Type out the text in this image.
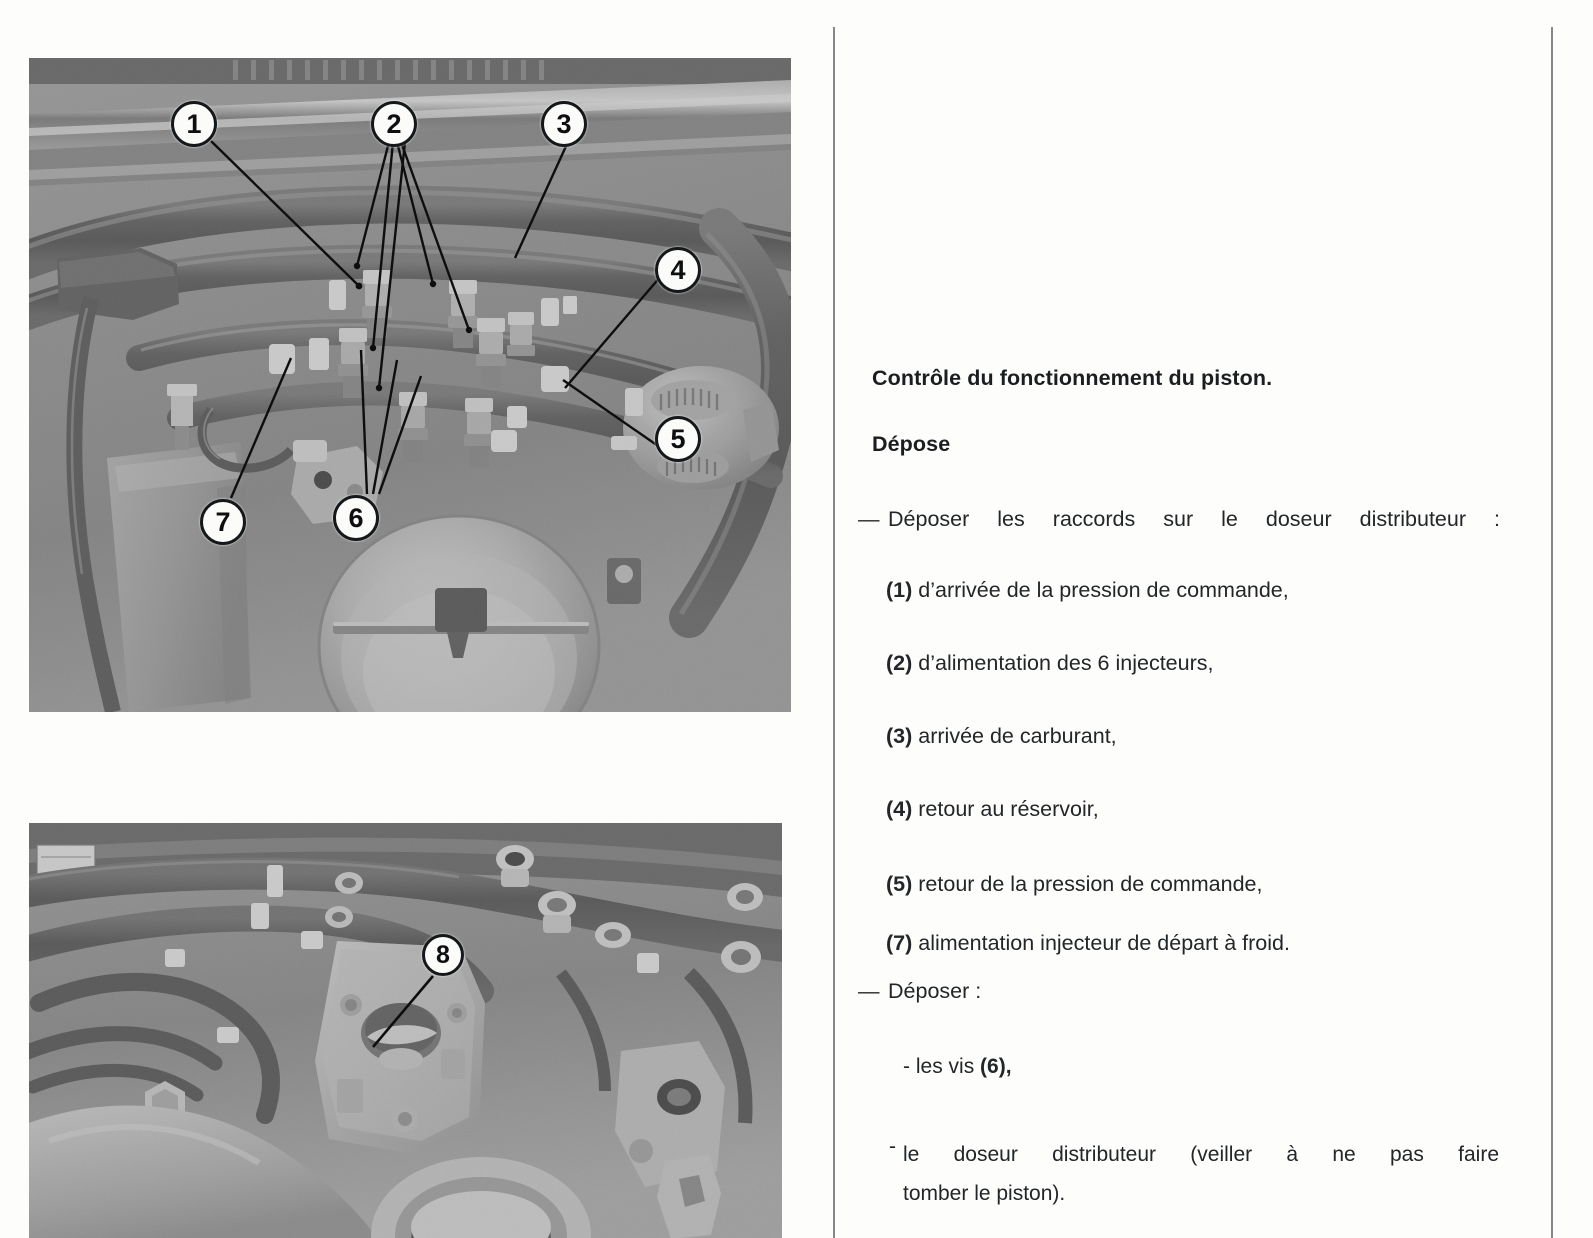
1	2	3
4
5
6
7
8
Contrôle du fonctionnement du piston.
Dépose
— Déposer les raccords sur le doseur distributeur :
(1) d’arrivée de la pression de commande,
(2) d’alimentation des 6 injecteurs,
(3) arrivée de carburant,
(4) retour au réservoir,
(5) retour de la pression de commande,
(7) alimentation injecteur de départ à froid.
— Déposer :
- les vis (6),
- le doseur distributeur (veiller à ne pas faire
tomber le piston).
